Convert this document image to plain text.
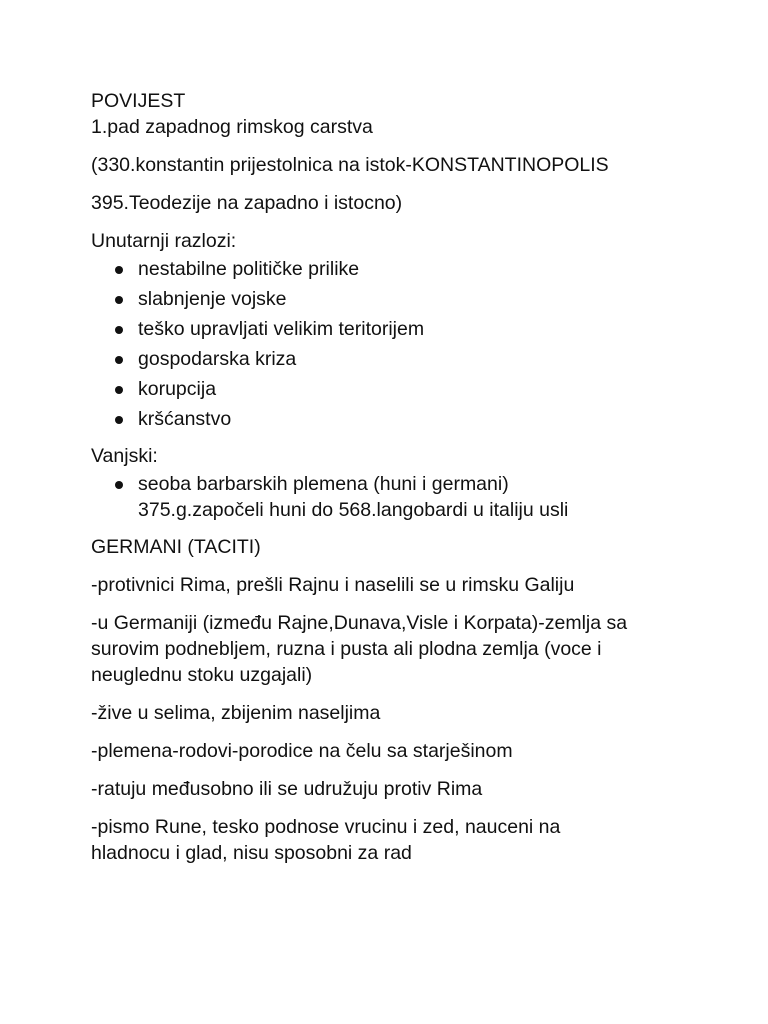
POVIJEST

1.pad zapadnog rimskog carstva

(330.konstantin prijestolnica na istok-KONSTANTINOPOLIS

395.Teodezije na zapadno i istocno)

Unutarnji razlozi:

nestabilne političke prilike
slabnjenje vojske
teško upravljati velikim teritorijem
gospodarska kriza
korupcija
kršćanstvo

Vanjski:

seoba barbarskih plemena (huni i germani)
375.g.započeli huni do 568.langobardi u italiju usli

GERMANI (TACITI)

-protivnici Rima, prešli Rajnu i naselili se u rimsku Galiju

-u Germaniji (između Rajne,Dunava,Visle i Korpata)-zemlja sa

surovim podnebljem, ruzna i pusta ali plodna zemlja (voce i

neuglednu stoku uzgajali)

-žive u selima, zbijenim naseljima

-plemena-rodovi-porodice na čelu sa starješinom

-ratuju međusobno ili se udružuju protiv Rima

-pismo Rune, tesko podnose vrucinu i zed, nauceni na

hladnocu i glad, nisu sposobni za rad
